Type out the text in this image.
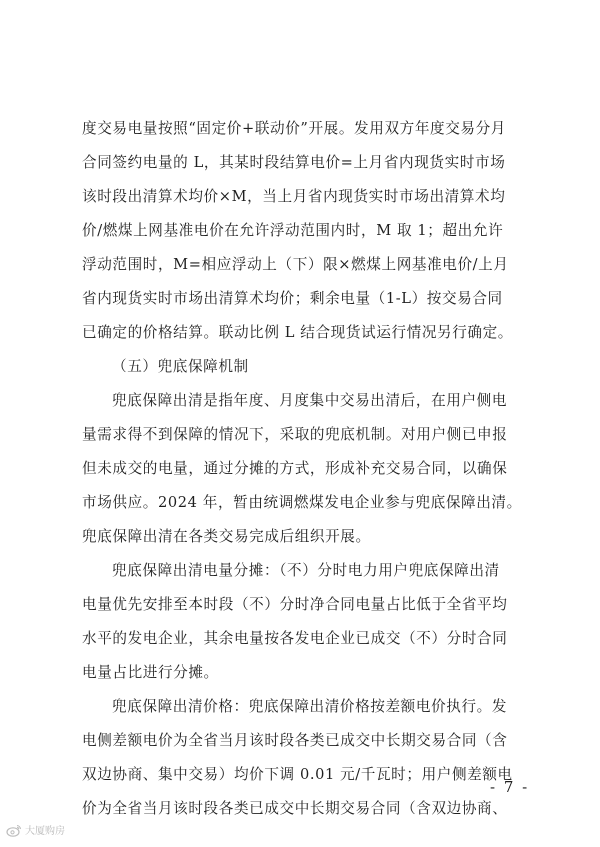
度交易电量按照“固定价+联动价”开展。发用双方年度交易分月
合同签约电量的 L，其某时段结算电价=上月省内现货实时市场
该时段出清算术均价×M，当上月省内现货实时市场出清算术均
价/燃煤上网基准电价在允许浮动范围内时，M 取 1；超出允许
浮动范围时，M=相应浮动上（下）限×燃煤上网基准电价/上月
省内现货实时市场出清算术均价；剩余电量（1-L）按交易合同
已确定的价格结算。联动比例 L 结合现货试运行情况另行确定。
（五）兜底保障机制
兜底保障出清是指年度、月度集中交易出清后，在用户侧电
量需求得不到保障的情况下，采取的兜底机制。对用户侧已申报
但未成交的电量，通过分摊的方式，形成补充交易合同，以确保
市场供应。2024 年，暂由统调燃煤发电企业参与兜底保障出清。
兜底保障出清在各类交易完成后组织开展。
兜底保障出清电量分摊：（不）分时电力用户兜底保障出清
电量优先安排至本时段（不）分时净合同电量占比低于全省平均
水平的发电企业，其余电量按各发电企业已成交（不）分时合同
电量占比进行分摊。
兜底保障出清价格：兜底保障出清价格按差额电价执行。发
电侧差额电价为全省当月该时段各类已成交中长期交易合同（含
双边协商、集中交易）均价下调 0.01 元/千瓦时；用户侧差额电
价为全省当月该时段各类已成交中长期交易合同（含双边协商、
- 7 -
大厦购房
